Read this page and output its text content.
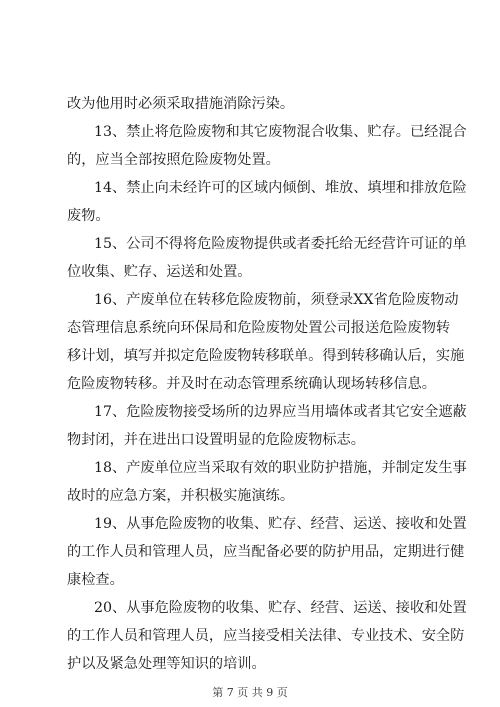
改为他用时必须采取措施消除污染。
13、禁止将危险废物和其它废物混合收集、贮存。已经混合
的，应当全部按照危险废物处置。
14、禁止向未经许可的区域内倾倒、堆放、填埋和排放危险
废物。
15、公司不得将危险废物提供或者委托给无经营许可证的单
位收集、贮存、运送和处置。
16、产废单位在转移危险废物前，须登录XX省危险废物动
态管理信息系统向环保局和危险废物处置公司报送危险废物转
移计划，填写并拟定危险废物转移联单。得到转移确认后，实施
危险废物转移。并及时在动态管理系统确认现场转移信息。
17、危险废物接受场所的边界应当用墙体或者其它安全遮蔽
物封闭，并在进出口设置明显的危险废物标志。
18、产废单位应当采取有效的职业防护措施，并制定发生事
故时的应急方案，并积极实施演练。
19、从事危险废物的收集、贮存、经营、运送、接收和处置
的工作人员和管理人员，应当配备必要的防护用品，定期进行健
康检查。
20、从事危险废物的收集、贮存、经营、运送、接收和处置
的工作人员和管理人员，应当接受相关法律、专业技术、安全防
护以及紧急处理等知识的培训。
第 7 页 共 9 页
